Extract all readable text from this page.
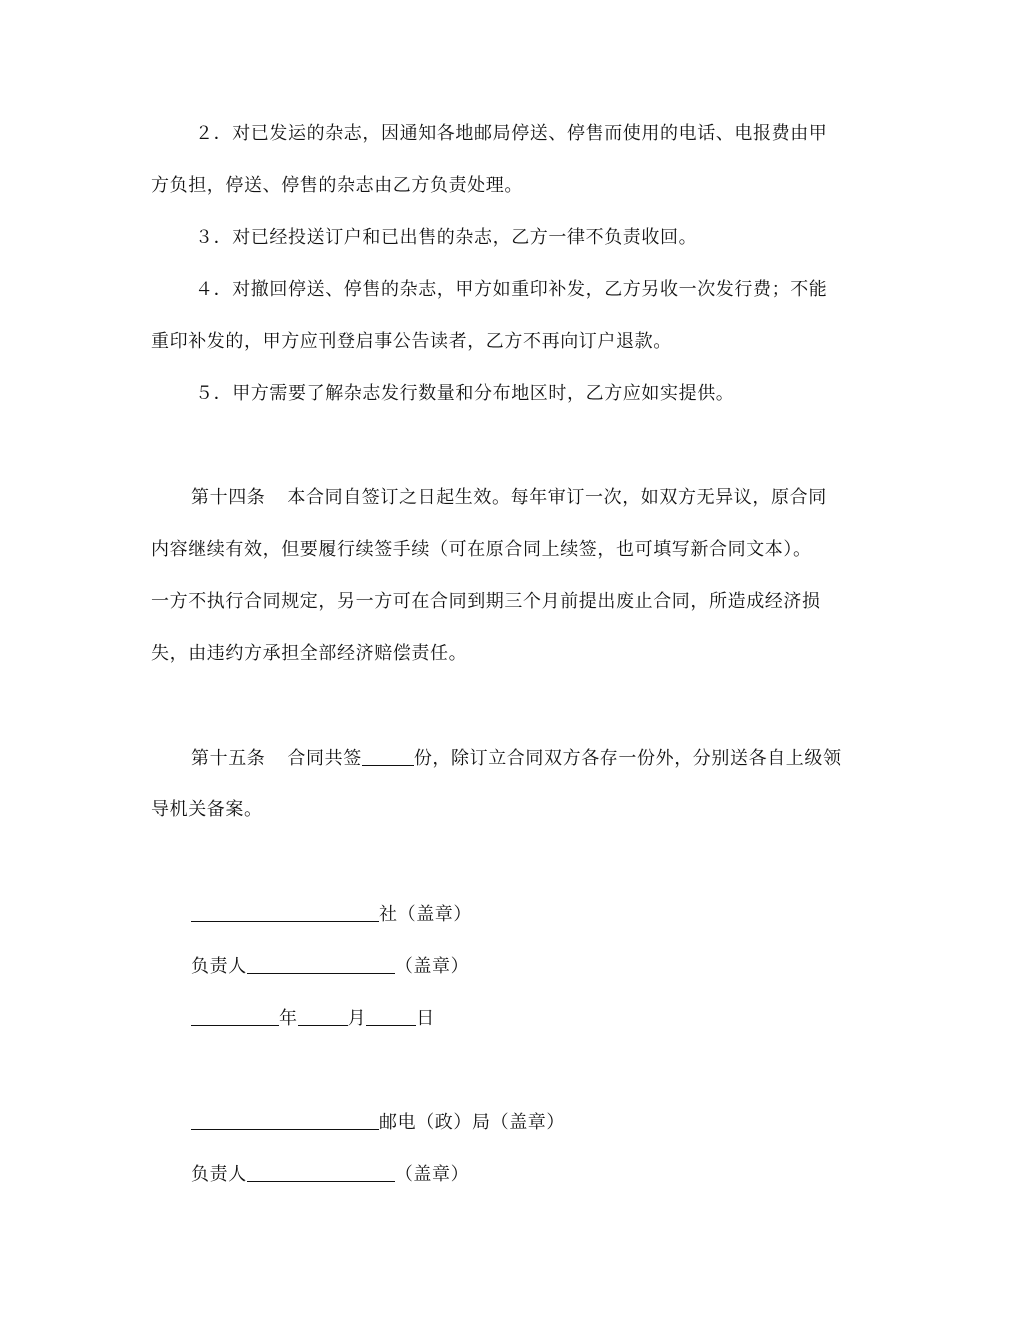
２．对已发运的杂志，因通知各地邮局停送、停售而使用的电话、电报费由甲
方负担，停送、停售的杂志由乙方负责处理。
３．对已经投送订户和已出售的杂志，乙方一律不负责收回。
４．对撤回停送、停售的杂志，甲方如重印补发，乙方另收一次发行费；不能
重印补发的，甲方应刊登启事公告读者，乙方不再向订户退款。
５．甲方需要了解杂志发行数量和分布地区时，乙方应如实提供。
第十四条 本合同自签订之日起生效。每年审订一次，如双方无异议，原合同
内容继续有效，但要履行续签手续（可在原合同上续签，也可填写新合同文本）。
一方不执行合同规定，另一方可在合同到期三个月前提出废止合同，所造成经济损
失，由违约方承担全部经济赔偿责任。
第十五条 合同共签	份，除订立合同双方各存一份外，分别送各自上级领
导机关备案。
社（盖章）
负责人	（盖章）
年	月	日
邮电（政）局（盖章）
负责人	（盖章）
